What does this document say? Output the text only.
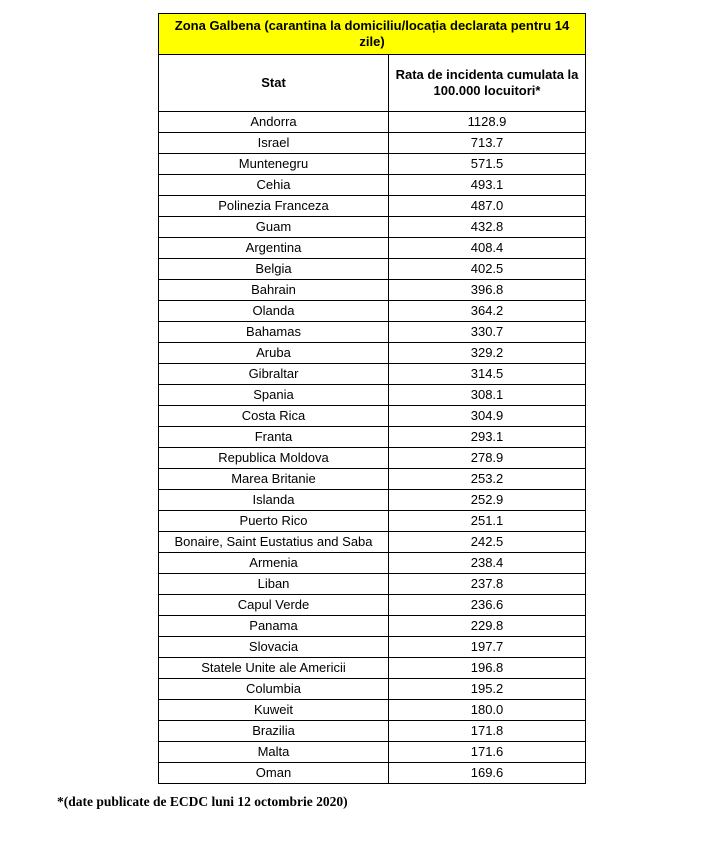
Zona Galbena (carantina la domiciliu/locația declarata pentru 14 zile)	
Stat	Rata de incidenta cumulata la 100.000 locuitori*
Andorra	1128.9
Israel	713.7
Muntenegru	571.5
Cehia	493.1
Polinezia Franceza	487.0
Guam	432.8
Argentina	408.4
Belgia	402.5
Bahrain	396.8
Olanda	364.2
Bahamas	330.7
Aruba	329.2
Gibraltar	314.5
Spania	308.1
Costa Rica	304.9
Franta	293.1
Republica Moldova	278.9
Marea Britanie	253.2
Islanda	252.9
Puerto Rico	251.1
Bonaire, Saint Eustatius and Saba	242.5
Armenia	238.4
Liban	237.8
Capul Verde	236.6
Panama	229.8
Slovacia	197.7
Statele Unite ale Americii	196.8
Columbia	195.2
Kuweit	180.0
Brazilia	171.8
Malta	171.6
Oman	169.6
*(date publicate de ECDC luni 12 octombrie 2020)
